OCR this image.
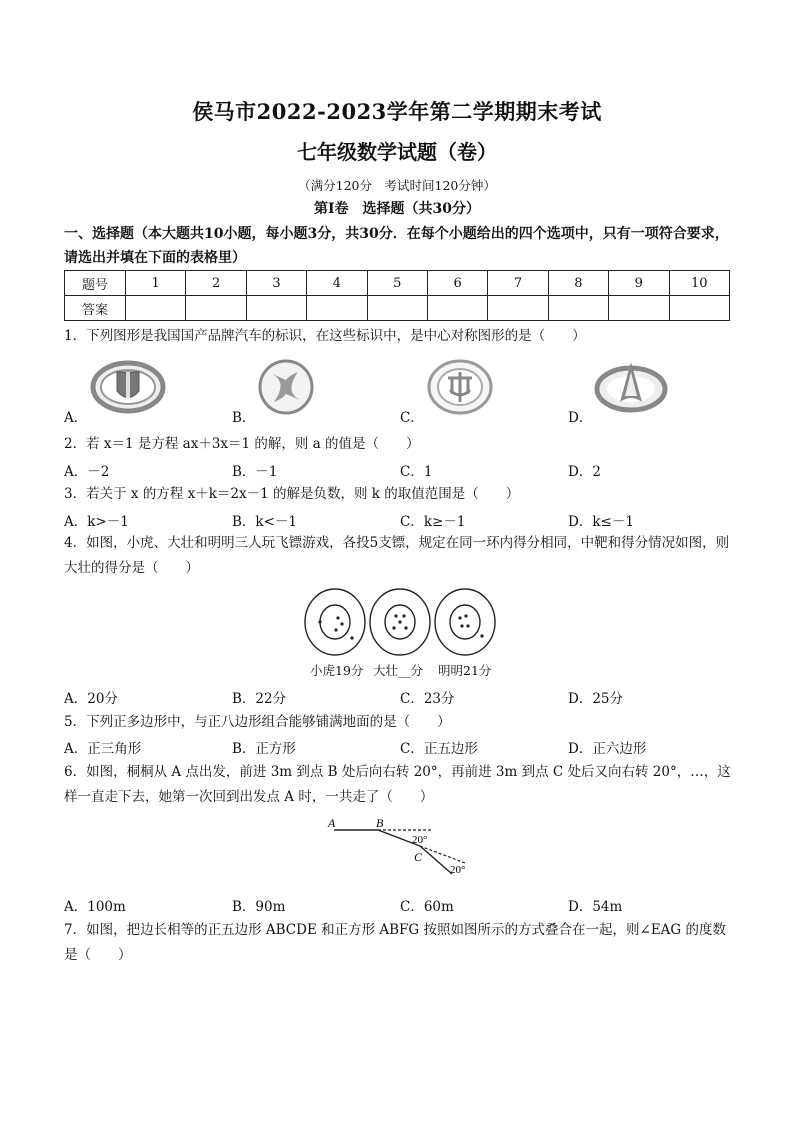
侯马市2022-2023学年第二学期期末考试
七年级数学试题（卷）
（满分120分　考试时间120分钟）
第Ⅰ卷　选择题（共30分）
一、选择题（本大题共10小题，每小题3分，共30分．在每个小题给出的四个选项中，只有一项符合要求，请选出并填在下面的表格里）
题号	1	2	3	4	5	6	7	8	9	10
答案										
1．下列图形是我国国产品牌汽车的标识，在这些标识中，是中心对称图形的是（　　）
A．	B．	C．	D．
2．若 x＝1 是方程 ax＋3x＝1 的解，则 a 的值是（　　）
A．－2	B．－1	C．1	D．2
3．若关于 x 的方程 x＋k＝2x－1 的解是负数，则 k 的取值范围是（　　）
A．k>－1	B．k<－1	C．k≥－1	D．k≤－1
4．如图，小虎、大壮和明明三人玩飞镖游戏，各投5支镖，规定在同一环内得分相同，中靶和得分情况如图，则大壮的得分是（　　）
小虎19分 大壮__分 明明21分
A．20分	B．22分	C．23分	D．25分
5．下列正多边形中，与正八边形组合能够铺满地面的是（　　）
A．正三角形	B．正方形	C．正五边形	D．正六边形
6．如图，桐桐从 A 点出发，前进 3m 到点 B 处后向右转 20°，再前进 3m 到点 C 处后又向右转 20°，…，这样一直走下去，她第一次回到出发点 A 时，一共走了（　　）
A	B
C
20°
20°
A．100m	B．90m	C．60m	D．54m
7．如图，把边长相等的正五边形 ABCDE 和正方形 ABFG 按照如图所示的方式叠合在一起，则∠EAG 的度数是（　　）
